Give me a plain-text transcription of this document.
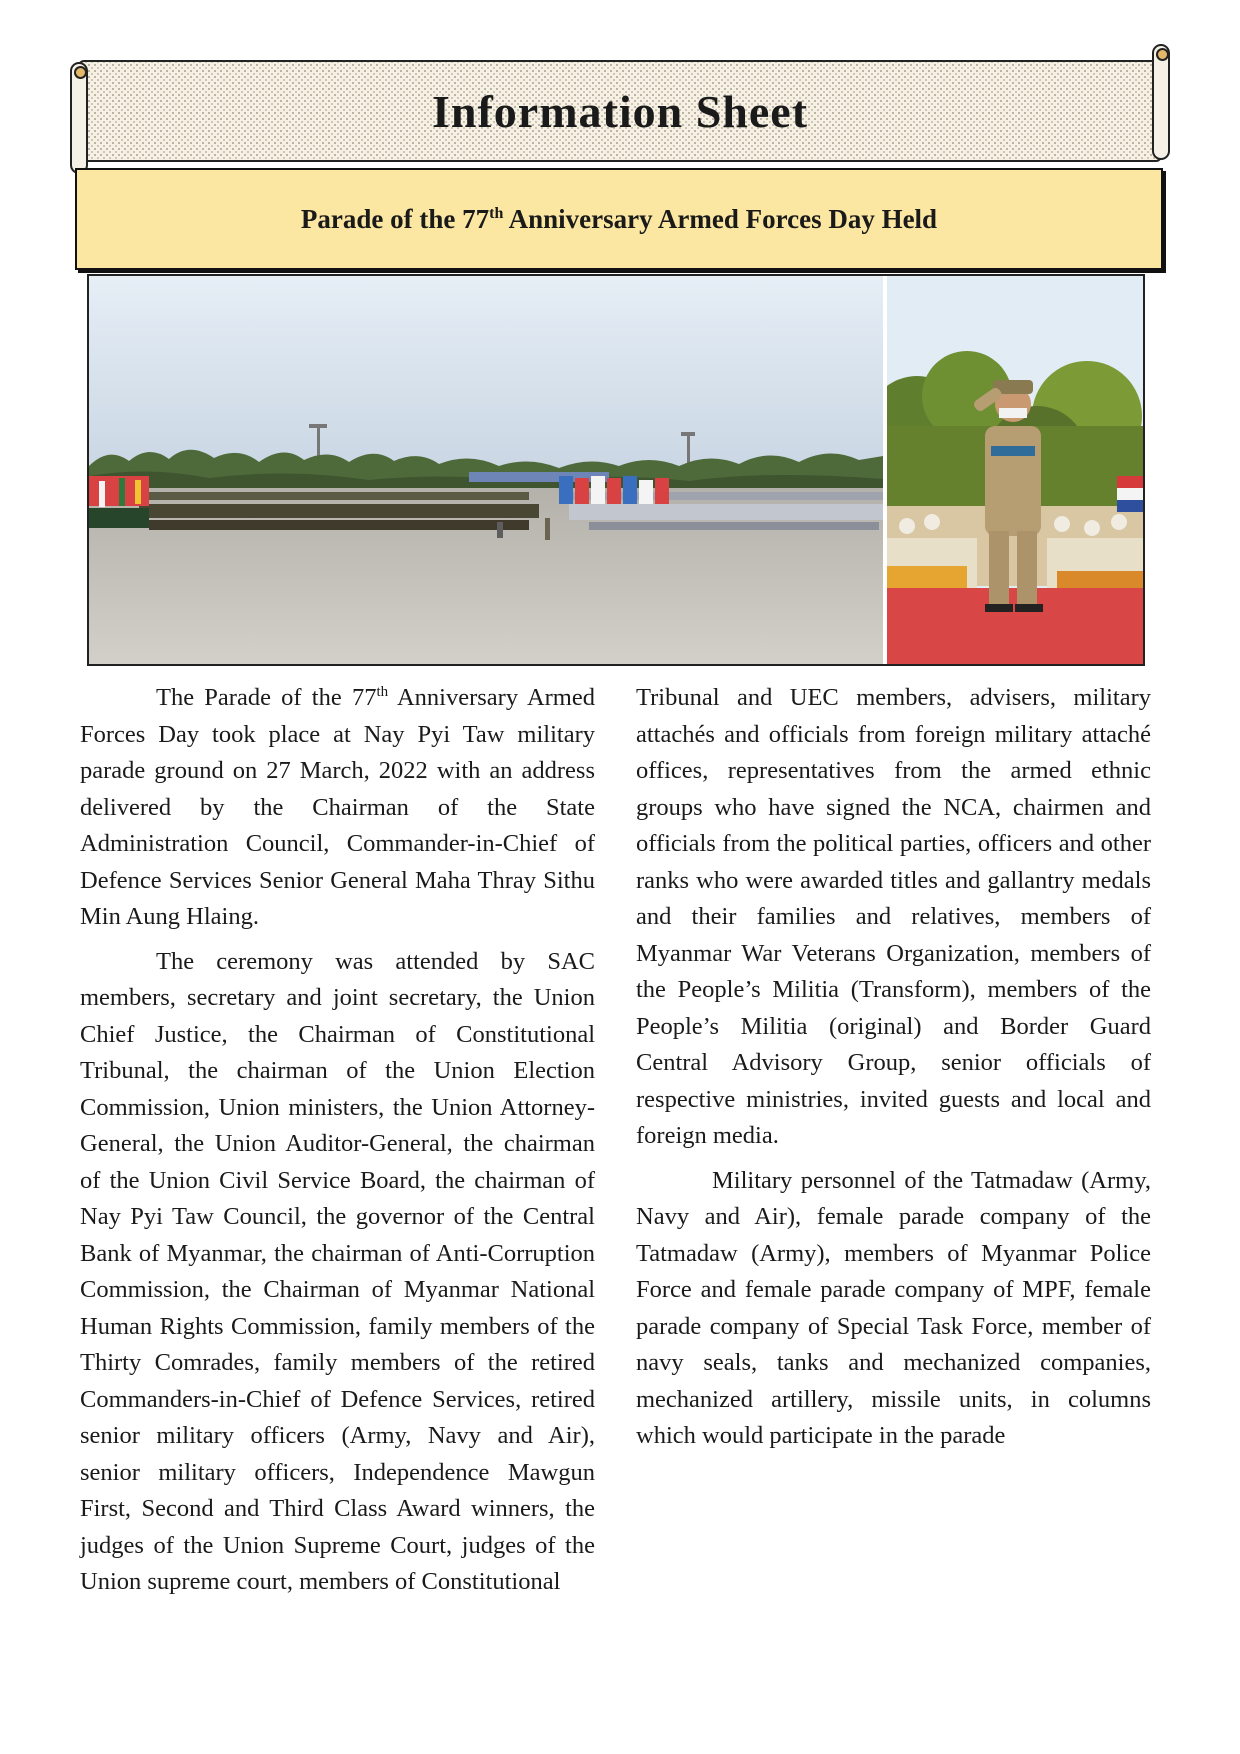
Information Sheet
Parade of the 77th Anniversary Armed Forces Day Held

The Parade of the 77th Anniversary Armed Forces Day took place at Nay Pyi Taw military parade ground on 27 March, 2022 with an address delivered by the Chairman of the State Administration Council, Commander-in-Chief of Defence Services Senior General Maha Thray Sithu Min Aung Hlaing.

The ceremony was attended by SAC members, secretary and joint secretary, the Union Chief Justice, the Chairman of Constitutional Tribunal, the chairman of the Union Election Commission, Union ministers, the Union Attorney-General, the Union Auditor-General, the chairman of the Union Civil Service Board, the chairman of Nay Pyi Taw Council, the governor of the Central Bank of Myanmar, the chairman of Anti-Corruption Commission, the Chairman of Myanmar National Human Rights Commission, family members of the Thirty Comrades, family members of the retired Commanders-in-Chief of Defence Services, retired senior military officers (Army, Navy and Air), senior military officers, Independence Mawgun First, Second and Third Class Award winners, the judges of the Union Supreme Court, judges of the Union supreme court, members of Constitutional

Tribunal and UEC members, advisers, military attachés and officials from foreign military attaché offices, representatives from the armed ethnic groups who have signed the NCA, chairmen and officials from the political parties, officers and other ranks who were awarded titles and gallantry medals and their families and relatives, members of Myanmar War Veterans Organization, members of the People’s Militia (Transform), members of the People’s Militia (original) and Border Guard Central Advisory Group, senior officials of respective ministries, invited guests and local and foreign media.

Military personnel of the Tatmadaw (Army, Navy and Air), female parade company of the Tatmadaw (Army), members of Myanmar Police Force and female parade company of MPF, female parade company of Special Task Force, member of navy seals, tanks and mechanized companies, mechanized artillery, missile units, in columns which would participate in the parade
